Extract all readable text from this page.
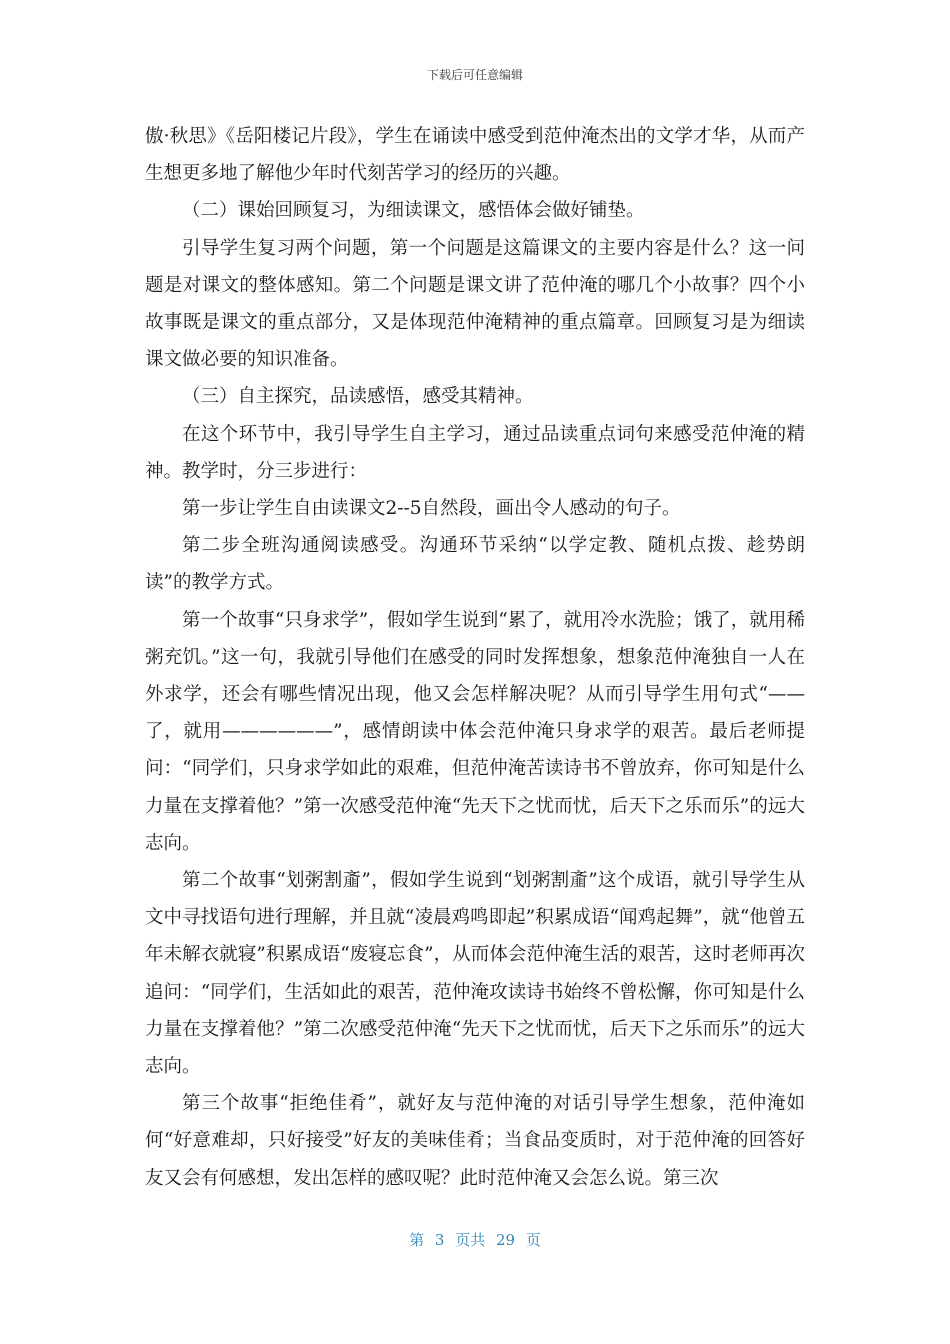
下载后可任意编辑

傲·秋思》《岳阳楼记片段》，学生在诵读中感受到范仲淹杰出的文学才华，从而产生想更多地了解他少年时代刻苦学习的经历的兴趣。

（二）课始回顾复习，为细读课文，感悟体会做好铺垫。

引导学生复习两个问题，第一个问题是这篇课文的主要内容是什么？这一问题是对课文的整体感知。第二个问题是课文讲了范仲淹的哪几个小故事？四个小故事既是课文的重点部分，又是体现范仲淹精神的重点篇章。回顾复习是为细读课文做必要的知识准备。

（三）自主探究，品读感悟，感受其精神。

在这个环节中，我引导学生自主学习，通过品读重点词句来感受范仲淹的精神。教学时，分三步进行：

第一步让学生自由读课文2--5自然段，画出令人感动的句子。

第二步全班沟通阅读感受。沟通环节采纳“以学定教、随机点拨、趁势朗读”的教学方式。

第一个故事“只身求学”，假如学生说到“累了，就用冷水洗脸；饿了，就用稀粥充饥。”这一句，我就引导他们在感受的同时发挥想象，想象范仲淹独自一人在外求学，还会有哪些情况出现，他又会怎样解决呢？从而引导学生用句式“——了，就用——————”，感情朗读中体会范仲淹只身求学的艰苦。最后老师提问：“同学们，只身求学如此的艰难，但范仲淹苦读诗书不曾放弃，你可知是什么力量在支撑着他？”第一次感受范仲淹“先天下之忧而忧，后天下之乐而乐”的远大志向。

第二个故事“划粥割齑”，假如学生说到“划粥割齑”这个成语，就引导学生从文中寻找语句进行理解，并且就“凌晨鸡鸣即起”积累成语“闻鸡起舞”，就“他曾五年未解衣就寝”积累成语“废寝忘食”，从而体会范仲淹生活的艰苦，这时老师再次追问：“同学们，生活如此的艰苦，范仲淹攻读诗书始终不曾松懈，你可知是什么力量在支撑着他？”第二次感受范仲淹“先天下之忧而忧，后天下之乐而乐”的远大志向。

第三个故事“拒绝佳肴”，就好友与范仲淹的对话引导学生想象，范仲淹如何“好意难却，只好接受”好友的美味佳肴；当食品变质时，对于范仲淹的回答好友又会有何感想，发出怎样的感叹呢？此时范仲淹又会怎么说。第三次

第 3 页共 29 页
